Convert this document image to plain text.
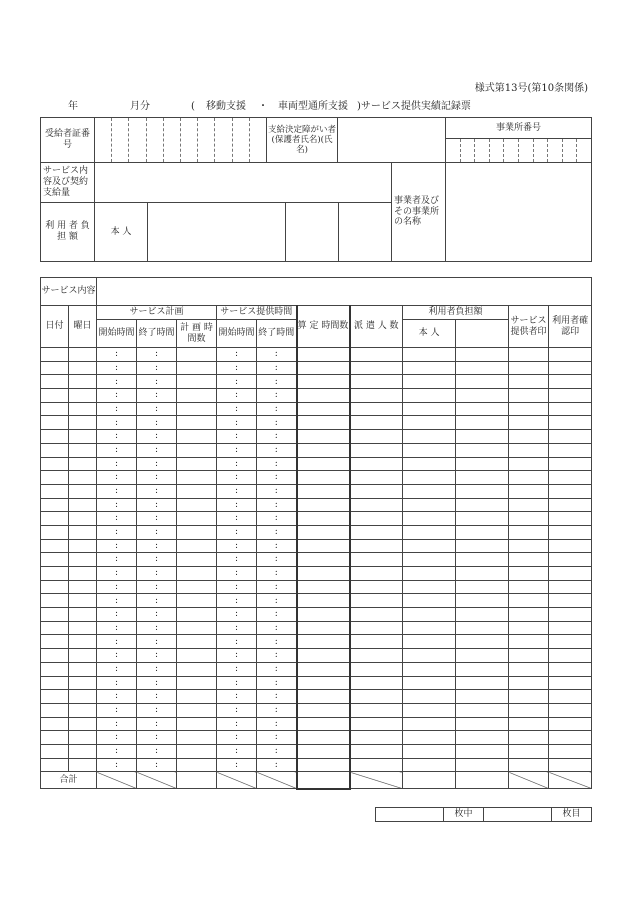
様式第13号(第10条関係)
年	月分	( 移動支援 ・ 車両型通所支援 )サービス提供実績記録票
受給者証番号		支給決定障がい者(保護者氏名)(氏名)			事業所番号

サービス内容及び契約支給量				事業者及びその事業所の名称	
利 用 者 負 担 額	本 人				
サービス内容												
日付	曜日	サービス計画			サービス提供時間		算 定 時間数	派 遣 人 数	利用者負担額		サービス提供者印	利用者確認印
		開始時間	終了時間	計 画 時間数	開始時間	終了時間			本 人			
		:	:		:	:						
		:	:		:	:						
		:	:		:	:						
		:	:		:	:						
		:	:		:	:						
		:	:		:	:						
		:	:		:	:						
		:	:		:	:						
		:	:		:	:						
		:	:		:	:						
		:	:		:	:						
		:	:		:	:						
		:	:		:	:						
		:	:		:	:						
		:	:		:	:						
		:	:		:	:						
		:	:		:	:						
		:	:		:	:						
		:	:		:	:						
		:	:		:	:						
		:	:		:	:						
		:	:		:	:						
		:	:		:	:						
		:	:		:	:						
		:	:		:	:						
		:	:		:	:						
		:	:		:	:						
		:	:		:	:						
		:	:		:	:						
		:	:		:	:						
		:	:		:	:						
合計												
	枚中		枚目
